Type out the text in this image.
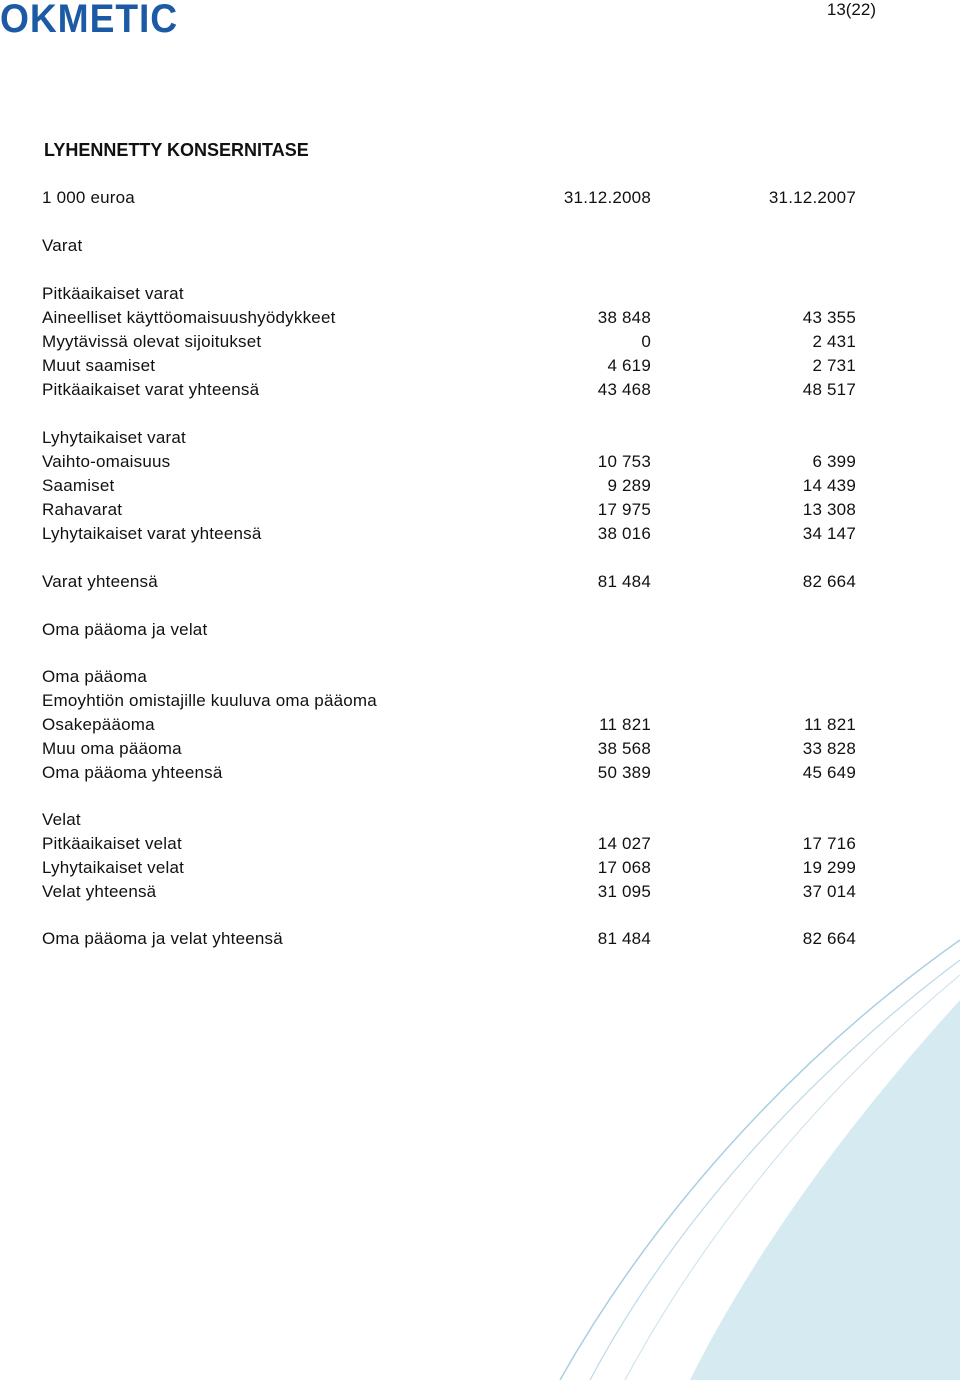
OKMETIC	13(22)
LYHENNETTY KONSERNITASE
1 000 euroa	31.12.2008	31.12.2007
Varat
Pitkäaikaiset varat
Aineelliset käyttöomaisuushyödykkeet	38 848	43 355
Myytävissä olevat sijoitukset	0	2 431
Muut saamiset	4 619	2 731
Pitkäaikaiset varat yhteensä	43 468	48 517
Lyhytaikaiset varat
Vaihto-omaisuus	10 753	6 399
Saamiset	9 289	14 439
Rahavarat	17 975	13 308
Lyhytaikaiset varat yhteensä	38 016	34 147
Varat yhteensä	81 484	82 664
Oma pääoma ja velat
Oma pääoma
Emoyhtiön omistajille kuuluva oma pääoma
Osakepääoma	11 821	11 821
Muu oma pääoma	38 568	33 828
Oma pääoma yhteensä	50 389	45 649
Velat
Pitkäaikaiset velat	14 027	17 716
Lyhytaikaiset velat	17 068	19 299
Velat yhteensä	31 095	37 014
Oma pääoma ja velat yhteensä	81 484	82 664
